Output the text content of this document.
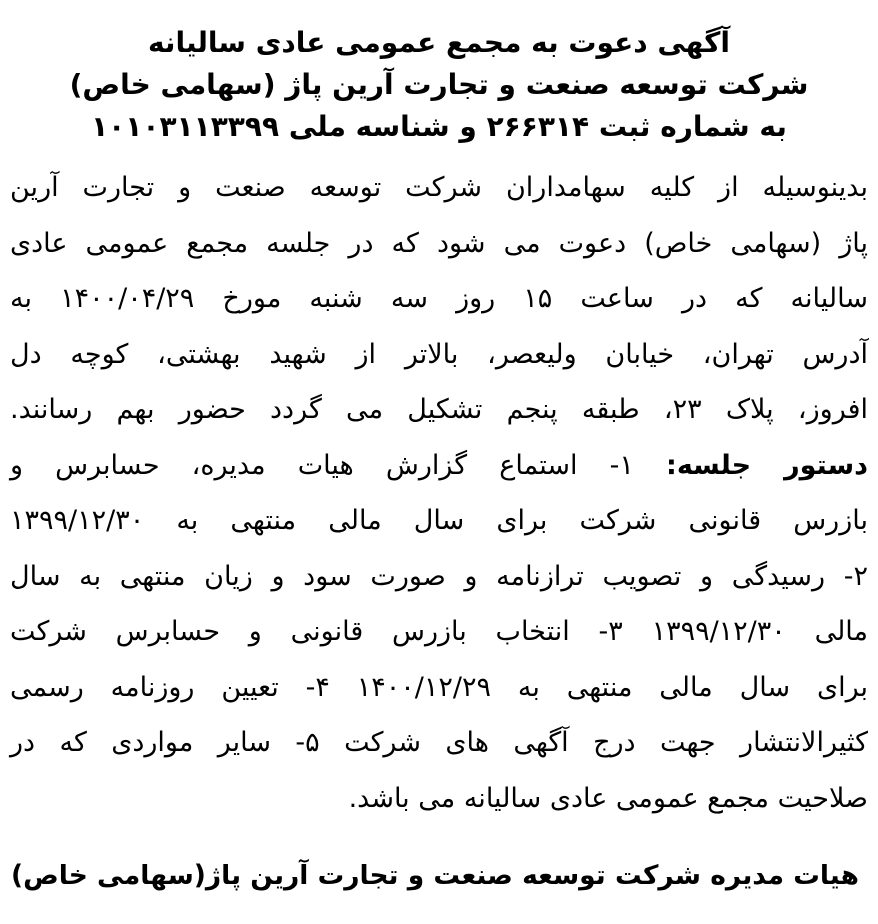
آگهی دعوت به مجمع عمومی عادی سالیانه

شرکت توسعه صنعت و تجارت آرین پاژ (سهامی خاص)

به شماره ثبت ۲۶۶۳۱۴ و شناسه ملی ۱۰۱۰۳۱۱۳۳۹۹

بدینوسیله از کلیه سهامداران شرکت توسعه صنعت و تجارت آرین
پاژ (سهامی خاص) دعوت می شود که در جلسه مجمع عمومی عادی
سالیانه که در ساعت ۱۵ روز سه شنبه مورخ ۱۴۰۰/۰۴/۲۹ به
آدرس تهران، خیابان ولیعصر، بالاتر از شهید بهشتی، کوچه دل
افروز، پلاک ۲۳، طبقه پنجم تشکیل می گردد حضور بهم رسانند.
دستور جلسه: ۱- استماع گزارش هیات مدیره، حسابرس و
بازرس قانونی شرکت برای سال مالی منتهی به ۱۳۹۹/۱۲/۳۰
۲- رسیدگی و تصویب ترازنامه و صورت سود و زیان منتهی به سال
مالی ۱۳۹۹/۱۲/۳۰ ۳- انتخاب بازرس قانونی و حسابرس شرکت
برای سال مالی منتهی به ۱۴۰۰/۱۲/۲۹ ۴- تعیین روزنامه رسمی
کثیرالانتشار جهت درج آگهی های شرکت ۵- سایر مواردی که در
صلاحیت مجمع عمومی عادی سالیانه می باشد.
هیات مدیره شرکت توسعه صنعت و تجارت آرین پاژ(سهامی خاص)
